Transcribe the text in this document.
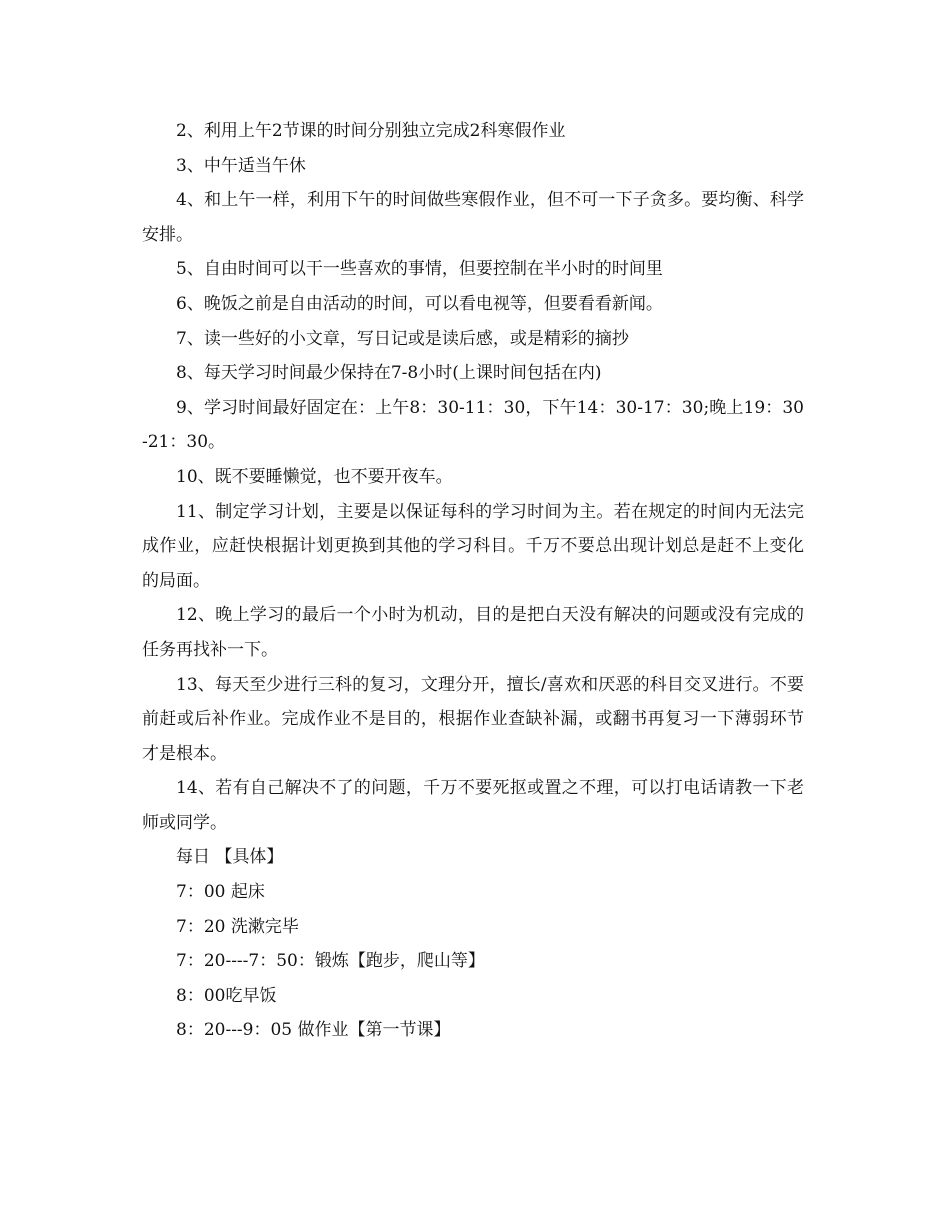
2、利用上午2节课的时间分别独立完成2科寒假作业

3、中午适当午休

4、和上午一样，利用下午的时间做些寒假作业，但不可一下子贪多。要均衡、科学安排。

5、自由时间可以干一些喜欢的事情，但要控制在半小时的时间里

6、晚饭之前是自由活动的时间，可以看电视等，但要看看新闻。

7、读一些好的小文章，写日记或是读后感，或是精彩的摘抄

8、每天学习时间最少保持在7-8小时(上课时间包括在内)

9、学习时间最好固定在：上午8：30-11：30，下午14：30-17：30;晚上19：30-21：30。

10、既不要睡懒觉，也不要开夜车。

11、制定学习计划，主要是以保证每科的学习时间为主。若在规定的时间内无法完成作业，应赶快根据计划更换到其他的学习科目。千万不要总出现计划总是赶不上变化的局面。

12、晚上学习的最后一个小时为机动，目的是把白天没有解决的问题或没有完成的任务再找补一下。

13、每天至少进行三科的复习，文理分开，擅长/喜欢和厌恶的科目交叉进行。不要前赶或后补作业。完成作业不是目的，根据作业查缺补漏，或翻书再复习一下薄弱环节才是根本。

14、若有自己解决不了的问题，千万不要死抠或置之不理，可以打电话请教一下老师或同学。

每日 【具体】

7：00 起床

7：20 洗漱完毕

7：20----7：50：锻炼【跑步，爬山等】

8：00吃早饭

8：20---9：05 做作业【第一节课】
